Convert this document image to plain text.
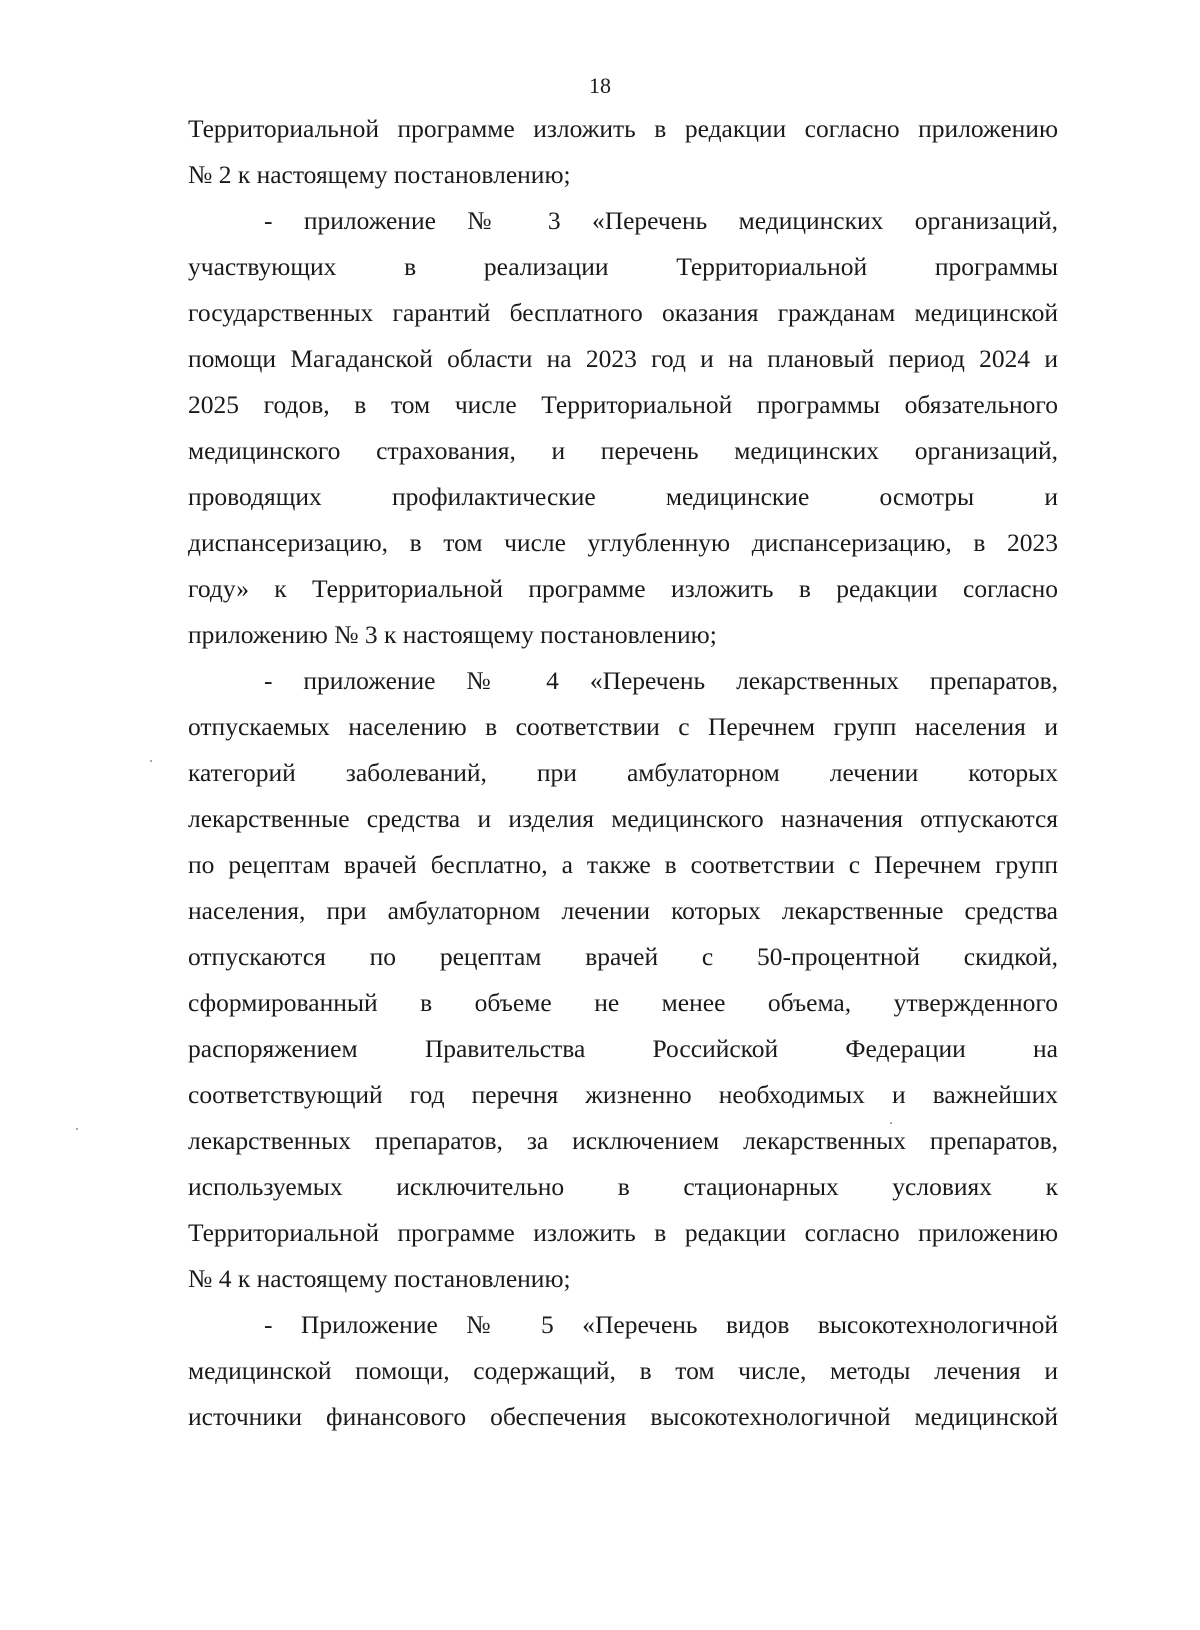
18
Территориальной программе изложить в редакции согласно приложению
№ 2 к настоящему постановлению;
- приложение № 3 «Перечень медицинских организаций,
участвующих в реализации Территориальной программы
государственных гарантий бесплатного оказания гражданам медицинской
помощи Магаданской области на 2023 год и на плановый период 2024 и
2025 годов, в том числе Территориальной программы обязательного
медицинского страхования, и перечень медицинских организаций,
проводящих профилактические медицинские осмотры и
диспансеризацию, в том числе углубленную диспансеризацию, в 2023
году» к Территориальной программе изложить в редакции согласно
приложению № 3 к настоящему постановлению;
- приложение № 4 «Перечень лекарственных препаратов,
отпускаемых населению в соответствии с Перечнем групп населения и
категорий заболеваний, при амбулаторном лечении которых
лекарственные средства и изделия медицинского назначения отпускаются
по рецептам врачей бесплатно, а также в соответствии с Перечнем групп
населения, при амбулаторном лечении которых лекарственные средства
отпускаются по рецептам врачей с 50-процентной скидкой,
сформированный в объеме не менее объема, утвержденного
распоряжением Правительства Российской Федерации на
соответствующий год перечня жизненно необходимых и важнейших
лекарственных препаратов, за исключением лекарственных препаратов,
используемых исключительно в стационарных условиях к
Территориальной программе изложить в редакции согласно приложению
№ 4 к настоящему постановлению;
- Приложение № 5 «Перечень видов высокотехнологичной
медицинской помощи, содержащий, в том числе, методы лечения и
источники финансового обеспечения высокотехнологичной медицинской
